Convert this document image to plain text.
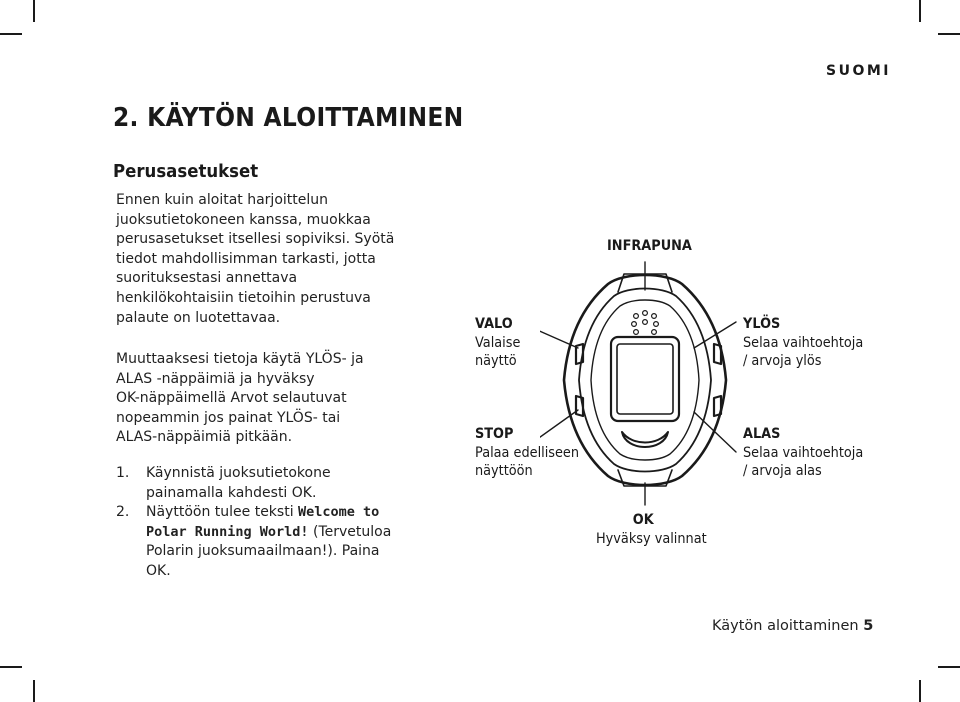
SUOMI
2. KÄYTÖN ALOITTAMINEN
Perusasetukset
Ennen kuin aloitat harjoittelun
juoksutietokoneen kanssa, muokkaa
perusasetukset itsellesi sopiviksi. Syötä
tiedot mahdollisimman tarkasti, jotta
suorituksestasi annettava
henkilökohtaisiin tietoihin perustuva
palaute on luotettavaa.
Muuttaaksesi tietoja käytä YLÖS- ja
ALAS -näppäimiä ja hyväksy
OK-näppäimellä Arvot selautuvat
nopeammin jos painat YLÖS- tai
ALAS-näppäimiä pitkään.
1. Käynnistä juoksutietokone
painamalla kahdesti OK.
2. Näyttöön tulee teksti Welcome to
Polar Running World! (Tervetuloa
Polarin juoksumaailmaan!). Paina
OK.
INFRAPUNA
VALO
Valaise
näyttö
STOP
Palaa edelliseen
näyttöön
YLÖS
Selaa vaihtoehtoja
/ arvoja ylös
ALAS
Selaa vaihtoehtoja
/ arvoja alas
OK
Hyväksy valinnat
Käytön aloittaminen 5
